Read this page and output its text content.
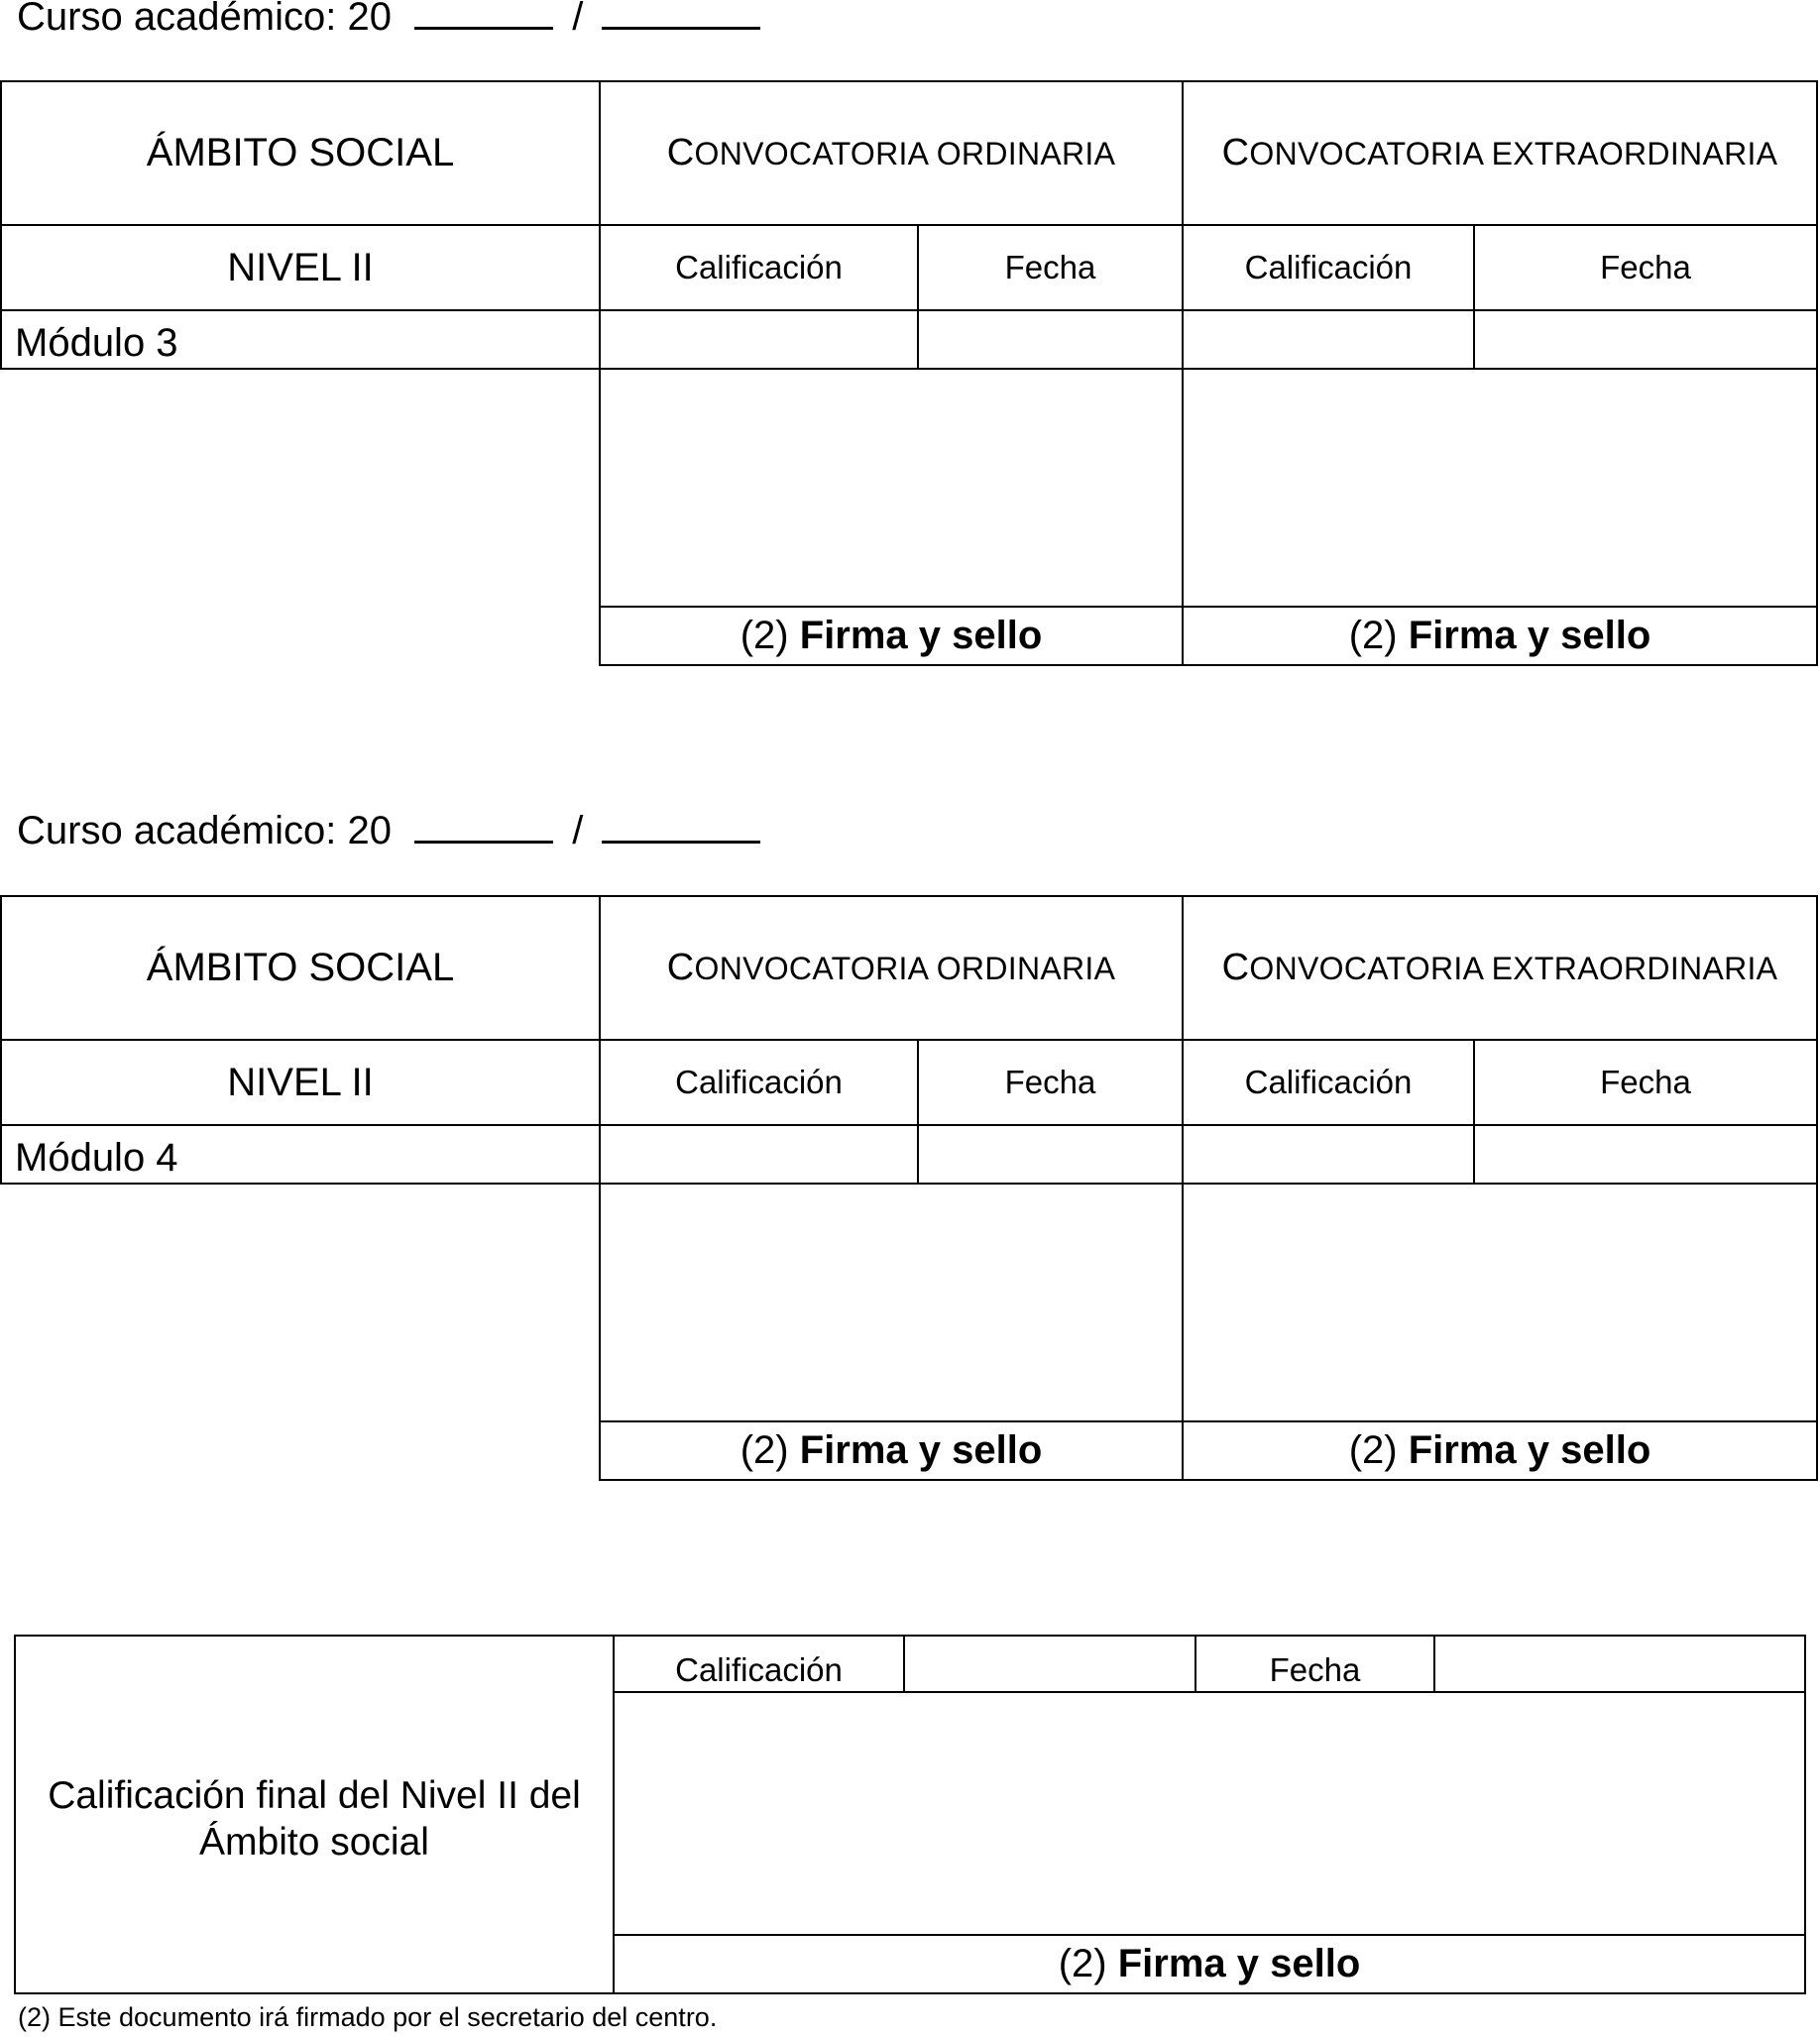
Curso académico: 20	/
ÁMBITO SOCIAL	CONVOCATORIA ORDINARIA	CONVOCATORIA EXTRAORDINARIA
NIVEL II	Calificación	Fecha	Calificación	Fecha
Módulo 3
(2) Firma y sello	(2) Firma y sello
Curso académico: 20	/
ÁMBITO SOCIAL	CONVOCATORIA ORDINARIA	CONVOCATORIA EXTRAORDINARIA
NIVEL II	Calificación	Fecha	Calificación	Fecha
Módulo 4
(2) Firma y sello	(2) Firma y sello
Calificación final del Nivel II del Ámbito social
Calificación	Fecha
(2) Firma y sello
(2) Este documento irá firmado por el secretario del centro.
